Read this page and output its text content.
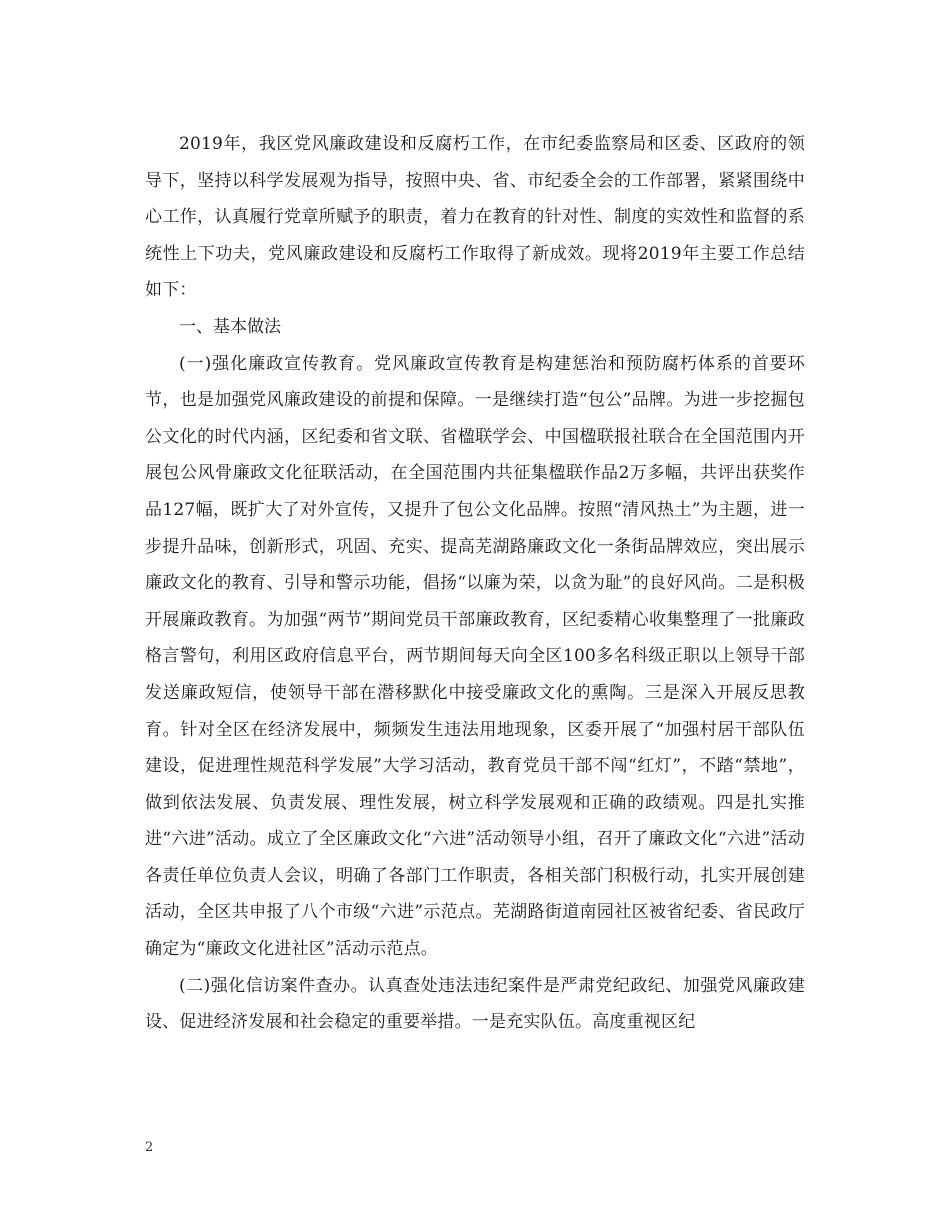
2019年，我区党风廉政建设和反腐朽工作，在市纪委监察局和区委、区政府的领导下，坚持以科学发展观为指导，按照中央、省、市纪委全会的工作部署，紧紧围绕中心工作，认真履行党章所赋予的职责，着力在教育的针对性、制度的实效性和监督的系统性上下功夫，党风廉政建设和反腐朽工作取得了新成效。现将2019年主要工作总结如下：

一、基本做法

(一)强化廉政宣传教育。党风廉政宣传教育是构建惩治和预防腐朽体系的首要环节，也是加强党风廉政建设的前提和保障。一是继续打造“包公”品牌。为进一步挖掘包公文化的时代内涵，区纪委和省文联、省楹联学会、中国楹联报社联合在全国范围内开展包公风骨廉政文化征联活动，在全国范围内共征集楹联作品2万多幅，共评出获奖作品127幅，既扩大了对外宣传，又提升了包公文化品牌。按照“清风热土”为主题，进一步提升品味，创新形式，巩固、充实、提高芜湖路廉政文化一条街品牌效应，突出展示廉政文化的教育、引导和警示功能，倡扬“以廉为荣，以贪为耻”的良好风尚。二是积极开展廉政教育。为加强“两节”期间党员干部廉政教育，区纪委精心收集整理了一批廉政格言警句，利用区政府信息平台，两节期间每天向全区100多名科级正职以上领导干部发送廉政短信，使领导干部在潜移默化中接受廉政文化的熏陶。三是深入开展反思教育。针对全区在经济发展中，频频发生违法用地现象，区委开展了“加强村居干部队伍建设，促进理性规范科学发展”大学习活动，教育党员干部不闯“红灯”，不踏“禁地”，做到依法发展、负责发展、理性发展，树立科学发展观和正确的政绩观。四是扎实推进“六进”活动。成立了全区廉政文化“六进”活动领导小组，召开了廉政文化“六进”活动各责任单位负责人会议，明确了各部门工作职责，各相关部门积极行动，扎实开展创建活动，全区共申报了八个市级“六进”示范点。芜湖路街道南园社区被省纪委、省民政厅确定为“廉政文化进社区”活动示范点。

(二)强化信访案件查办。认真查处违法违纪案件是严肃党纪政纪、加强党风廉政建设、促进经济发展和社会稳定的重要举措。一是充实队伍。高度重视区纪

2
